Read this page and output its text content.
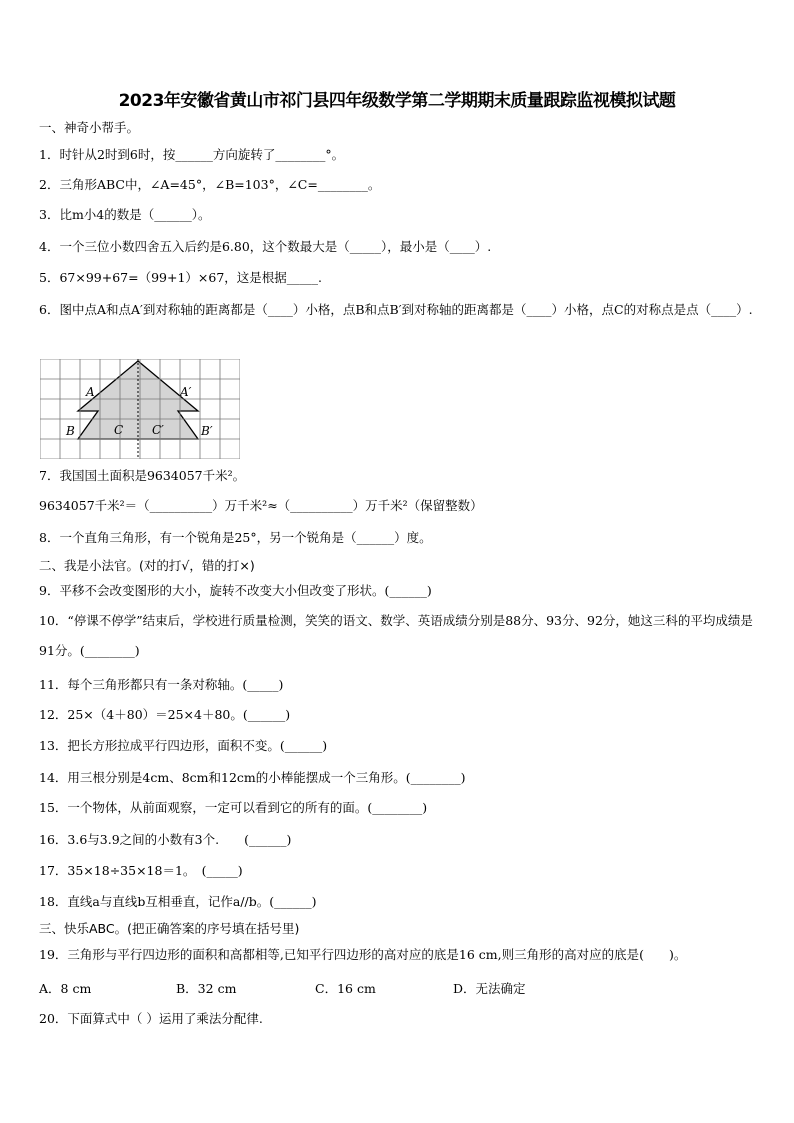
2023年安徽省黄山市祁门县四年级数学第二学期期末质量跟踪监视模拟试题
一、神奇小帮手。
1．时针从2时到6时，按______方向旋转了________°。
2．三角形ABC中，∠A=45°，∠B=103°，∠C=________。
3．比m小4的数是（______）。
4．一个三位小数四舍五入后约是6.80，这个数最大是（_____），最小是（____）.
5．67×99+67=（99+1）×67，这是根据_____.
6．图中点A和点A′到对称轴的距离都是（____）小格，点B和点B′到对称轴的距离都是（____）小格，点C的对称点是点（____）.
A	A′
B	B′
C C′
7．我国国土面积是9634057千米²。
9634057千米²＝（__________）万千米²≈（__________）万千米²（保留整数）
8．一个直角三角形，有一个锐角是25°，另一个锐角是（______）度。
二、我是小法官。(对的打√，错的打×)
9．平移不会改变图形的大小，旋转不改变大小但改变了形状。(______)
10．“停课不停学”结束后，学校进行质量检测，笑笑的语文、数学、英语成绩分别是88分、93分、92分，她这三科的平均成绩是91分。(________)
11．每个三角形都只有一条对称轴。(_____)
12．25×（4＋80）＝25×4＋80。(______)
13．把长方形拉成平行四边形，面积不变。(______)
14．用三根分别是4cm、8cm和12cm的小棒能摆成一个三角形。(________)
15．一个物体，从前面观察，一定可以看到它的所有的面。(________)
16．3.6与3.9之间的小数有3个.　　(______)
17．35×18÷35×18＝1。　(_____)
18．直线a与直线b互相垂直，记作a//b。(______)
三、快乐ABC。(把正确答案的序号填在括号里)
19．三角形与平行四边形的面积和高都相等,已知平行四边形的高对应的底是16 cm,则三角形的高对应的底是(　　)。
A．8 cm	B．32 cm	C．16 cm	D．无法确定
20．下面算式中（ ）运用了乘法分配律.
